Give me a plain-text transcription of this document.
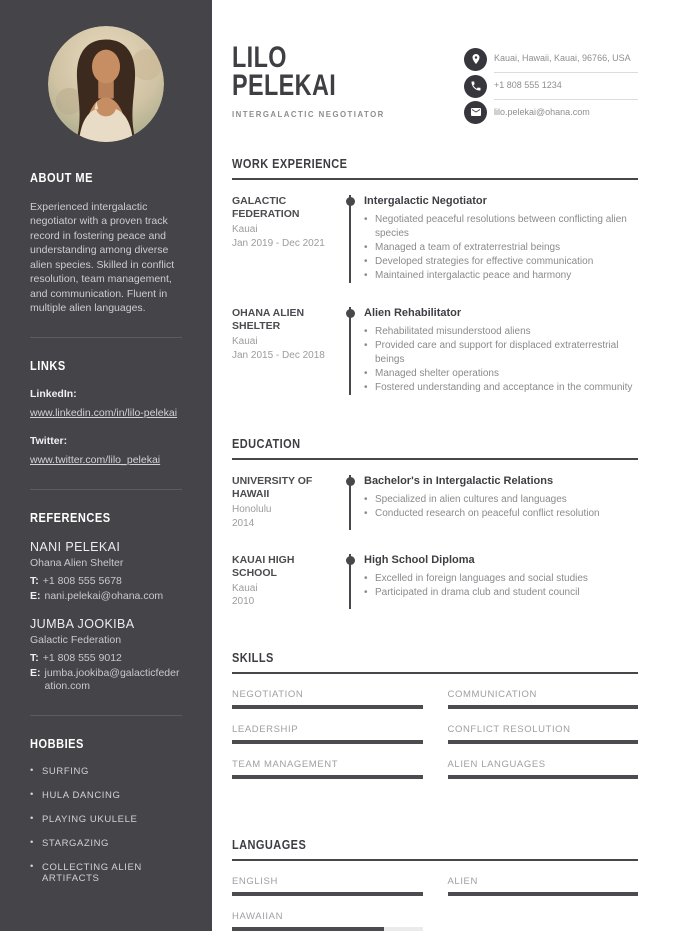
ABOUT ME

Experienced intergalactic negotiator with a proven track record in fostering peace and understanding among diverse alien species. Skilled in conflict resolution, team management, and communication. Fluent in multiple alien languages.

LINKS
LinkedIn:
www.linkedin.com/in/lilo-pelekai
Twitter:
www.twitter.com/lilo_pelekai
REFERENCES
NANI PELEKAI
Ohana Alien Shelter
T: +1 808 555 5678
E: nani.pelekai@ohana.com
JUMBA JOOKIBA
Galactic Federation
T: +1 808 555 9012
E: jumba.jookiba@galacticfederation.com
HOBBIES
• SURFING
• HULA DANCING
• PLAYING UKULELE
• STARGAZING
• COLLECTING ALIEN ARTIFACTS
LILO
PELEKAI
INTERGALACTIC NEGOTIATOR
Kauai, Hawaii, Kauai, 96766, USA
+1 808 555 1234
lilo.pelekai@ohana.com
WORK EXPERIENCE
GALACTIC FEDERATION
Kauai
Jan 2019 - Dec 2021
Intergalactic Negotiator
• Negotiated peaceful resolutions between conflicting alien species
• Managed a team of extraterrestrial beings
• Developed strategies for effective communication
• Maintained intergalactic peace and harmony
OHANA ALIEN SHELTER
Kauai
Jan 2015 - Dec 2018
Alien Rehabilitator
• Rehabilitated misunderstood aliens
• Provided care and support for displaced extraterrestrial beings
• Managed shelter operations
• Fostered understanding and acceptance in the community
EDUCATION
UNIVERSITY OF HAWAII
Honolulu
2014
Bachelor's in Intergalactic Relations
• Specialized in alien cultures and languages
• Conducted research on peaceful conflict resolution
KAUAI HIGH SCHOOL
Kauai
2010
High School Diploma
• Excelled in foreign languages and social studies
• Participated in drama club and student council
SKILLS
NEGOTIATION	COMMUNICATION
LEADERSHIP	CONFLICT RESOLUTION
TEAM MANAGEMENT	ALIEN LANGUAGES
LANGUAGES
ENGLISH	ALIEN
HAWAIIAN
